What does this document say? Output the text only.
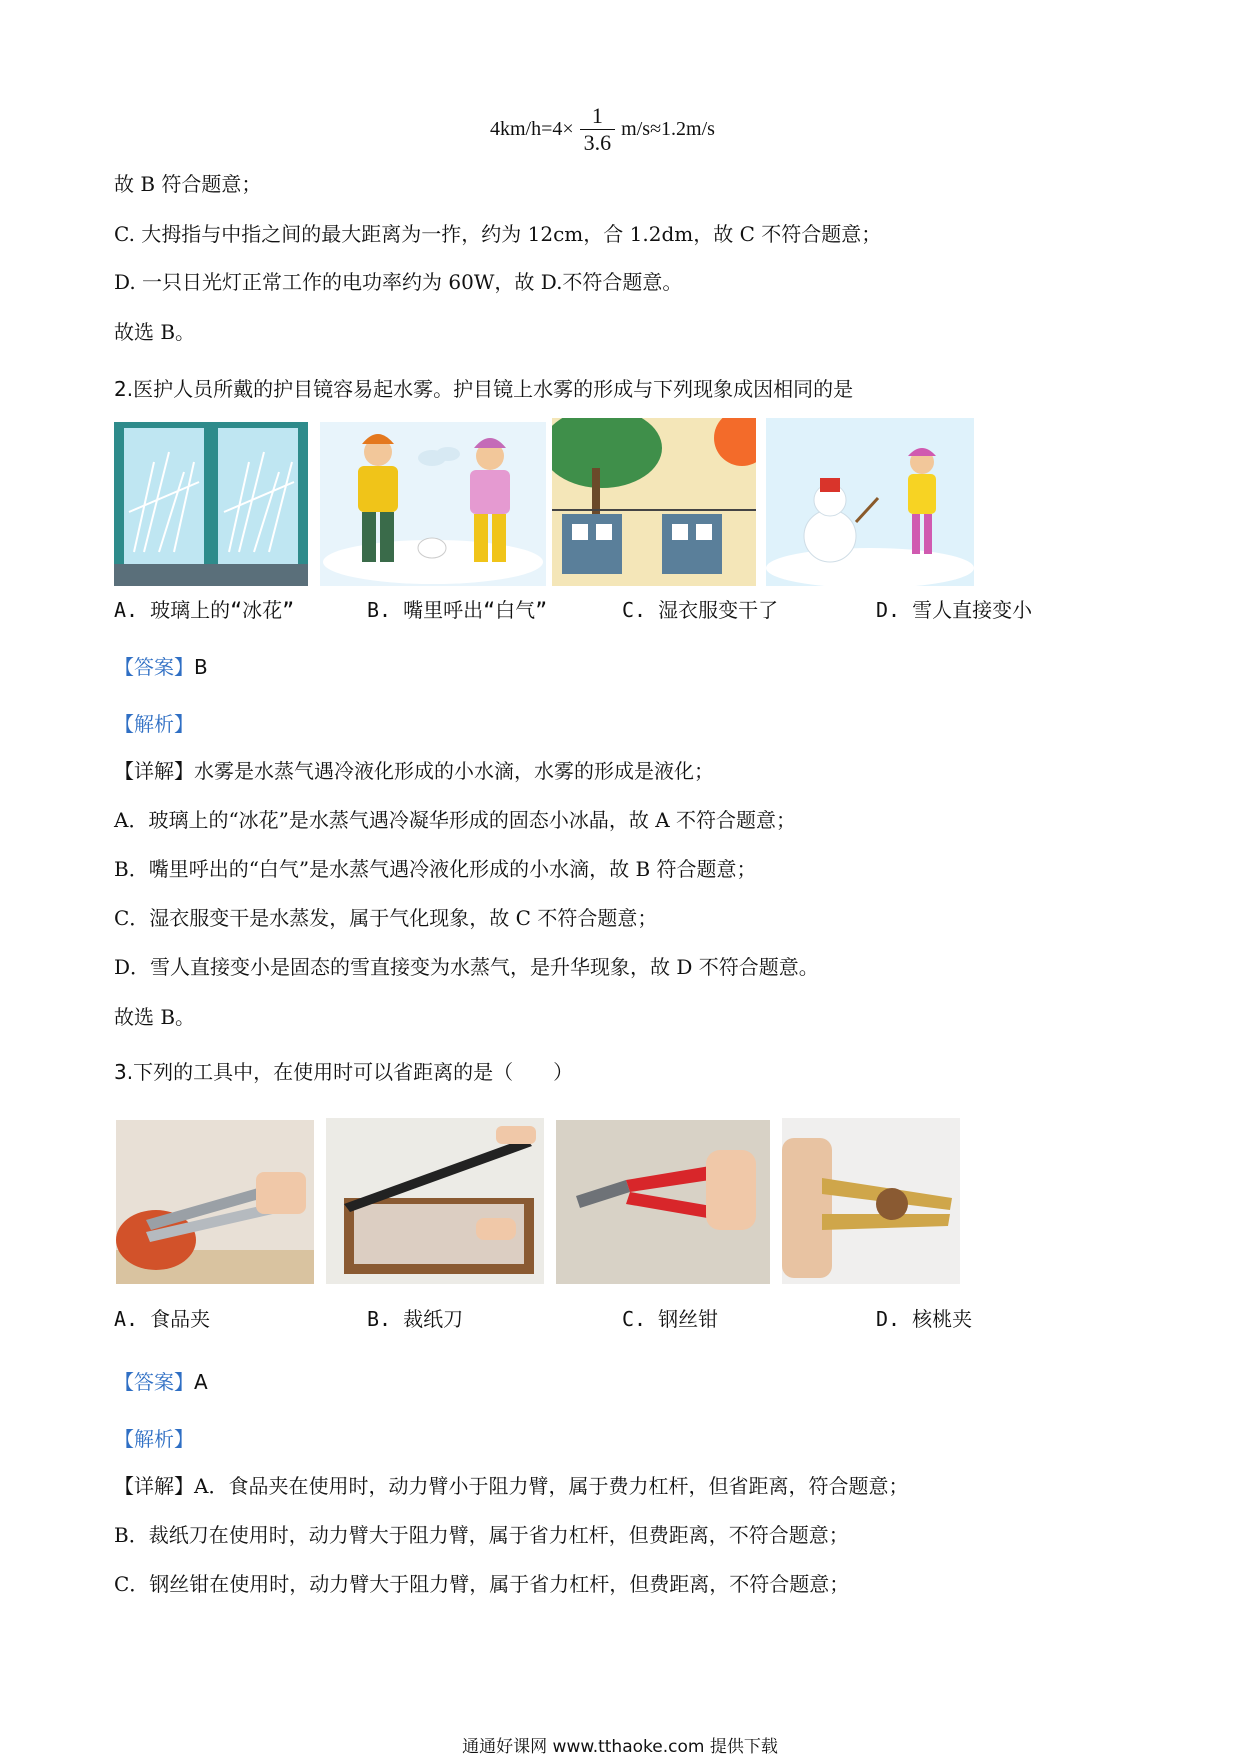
$4km/h=4\times \frac{1}{3.6} m/s\approx 1.2m/s$
故 B 符合题意；
C. 大拇指与中指之间的最大距离为一拃，约为 12cm，合 1.2dm，故 C 不符合题意；
D. 一只日光灯正常工作的电功率约为 60W，故 D.不符合题意。
故选 B。
2.医护人员所戴的护目镜容易起水雾。护目镜上水雾的形成与下列现象成因相同的是
A. 玻璃上的“冰花”	B. 嘴里呼出“白气”	C. 湿衣服变干了	D. 雪人直接变小
【答案】B
【解析】
【详解】水雾是水蒸气遇冷液化形成的小水滴，水雾的形成是液化；
A．玻璃上的“冰花”是水蒸气遇冷凝华形成的固态小冰晶，故 A 不符合题意；
B．嘴里呼出的“白气”是水蒸气遇冷液化形成的小水滴，故 B 符合题意；
C．湿衣服变干是水蒸发，属于气化现象，故 C 不符合题意；
D．雪人直接变小是固态的雪直接变为水蒸气，是升华现象，故 D 不符合题意。
故选 B。
3.下列的工具中，在使用时可以省距离的是（　　）
A. 食品夹	B. 裁纸刀	C. 钢丝钳	D. 核桃夹
【答案】A
【解析】
【详解】A．食品夹在使用时，动力臂小于阻力臂，属于费力杠杆，但省距离，符合题意；
B．裁纸刀在使用时，动力臂大于阻力臂，属于省力杠杆，但费距离，不符合题意；
C．钢丝钳在使用时，动力臂大于阻力臂，属于省力杠杆，但费距离，不符合题意；
通通好课网 www.tthaoke.com 提供下载
